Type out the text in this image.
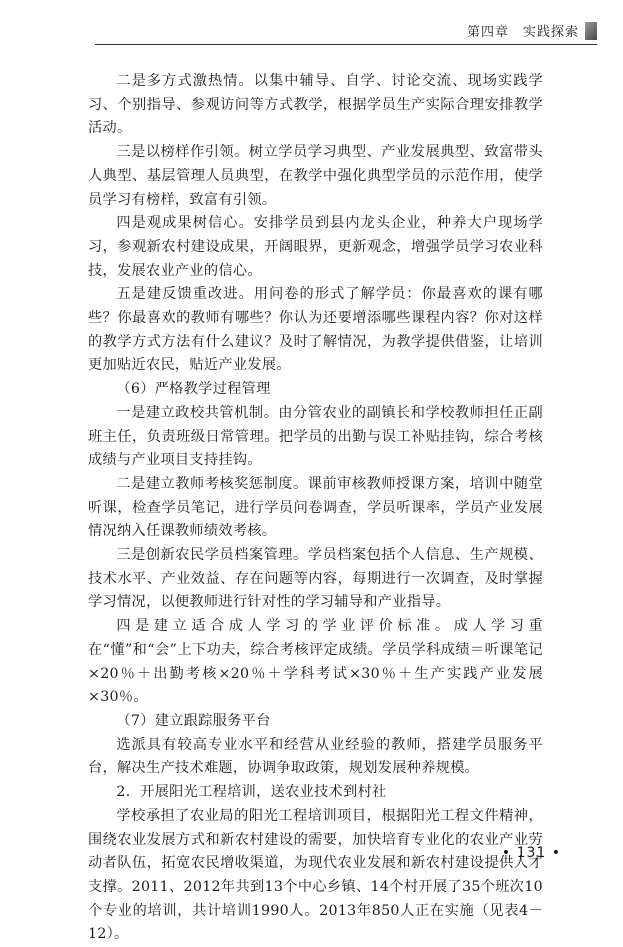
第四章　实践探索

二是多方式激热情。以集中辅导、自学、讨论交流、现场实践学习、个别指导、参观访问等方式教学，根据学员生产实际合理安排教学活动。

三是以榜样作引领。树立学员学习典型、产业发展典型、致富带头人典型、基层管理人员典型，在教学中强化典型学员的示范作用，使学员学习有榜样，致富有引领。

四是观成果树信心。安排学员到县内龙头企业，种养大户现场学习，参观新农村建设成果，开阔眼界，更新观念，增强学员学习农业科技，发展农业产业的信心。

五是建反馈重改进。用问卷的形式了解学员：你最喜欢的课有哪些？你最喜欢的教师有哪些？你认为还要增添哪些课程内容？你对这样的教学方式方法有什么建议？及时了解情况，为教学提供借鉴，让培训更加贴近农民，贴近产业发展。

（6）严格教学过程管理

一是建立政校共管机制。由分管农业的副镇长和学校教师担任正副班主任，负责班级日常管理。把学员的出勤与误工补贴挂钩，综合考核成绩与产业项目支持挂钩。

二是建立教师考核奖惩制度。课前审核教师授课方案，培训中随堂听课，检查学员笔记，进行学员问卷调查，学员听课率，学员产业发展情况纳入任课教师绩效考核。

三是创新农民学员档案管理。学员档案包括个人信息、生产规模、技术水平、产业效益、存在问题等内容，每期进行一次调查，及时掌握学习情况，以便教师进行针对性的学习辅导和产业指导。

四是建立适合成人学习的学业评价标准。成人学习重在“懂”和“会”上下功夫，综合考核评定成绩。学员学科成绩＝听课笔记×20％＋出勤考核×20％＋学科考试×30％＋生产实践产业发展×30％。

（7）建立跟踪服务平台

选派具有较高专业水平和经营从业经验的教师，搭建学员服务平台，解决生产技术难题，协调争取政策，规划发展种养规模。

2．开展阳光工程培训，送农业技术到村社

学校承担了农业局的阳光工程培训项目，根据阳光工程文件精神，围绕农业发展方式和新农村建设的需要，加快培育专业化的农业产业劳动者队伍，拓宽农民增收渠道，为现代农业发展和新农村建设提供人才支撑。2011、2012年共到13个中心乡镇、14个村开展了35个班次10个专业的培训，共计培训1990人。2013年850人正在实施（见表4－12）。

• 131 •
